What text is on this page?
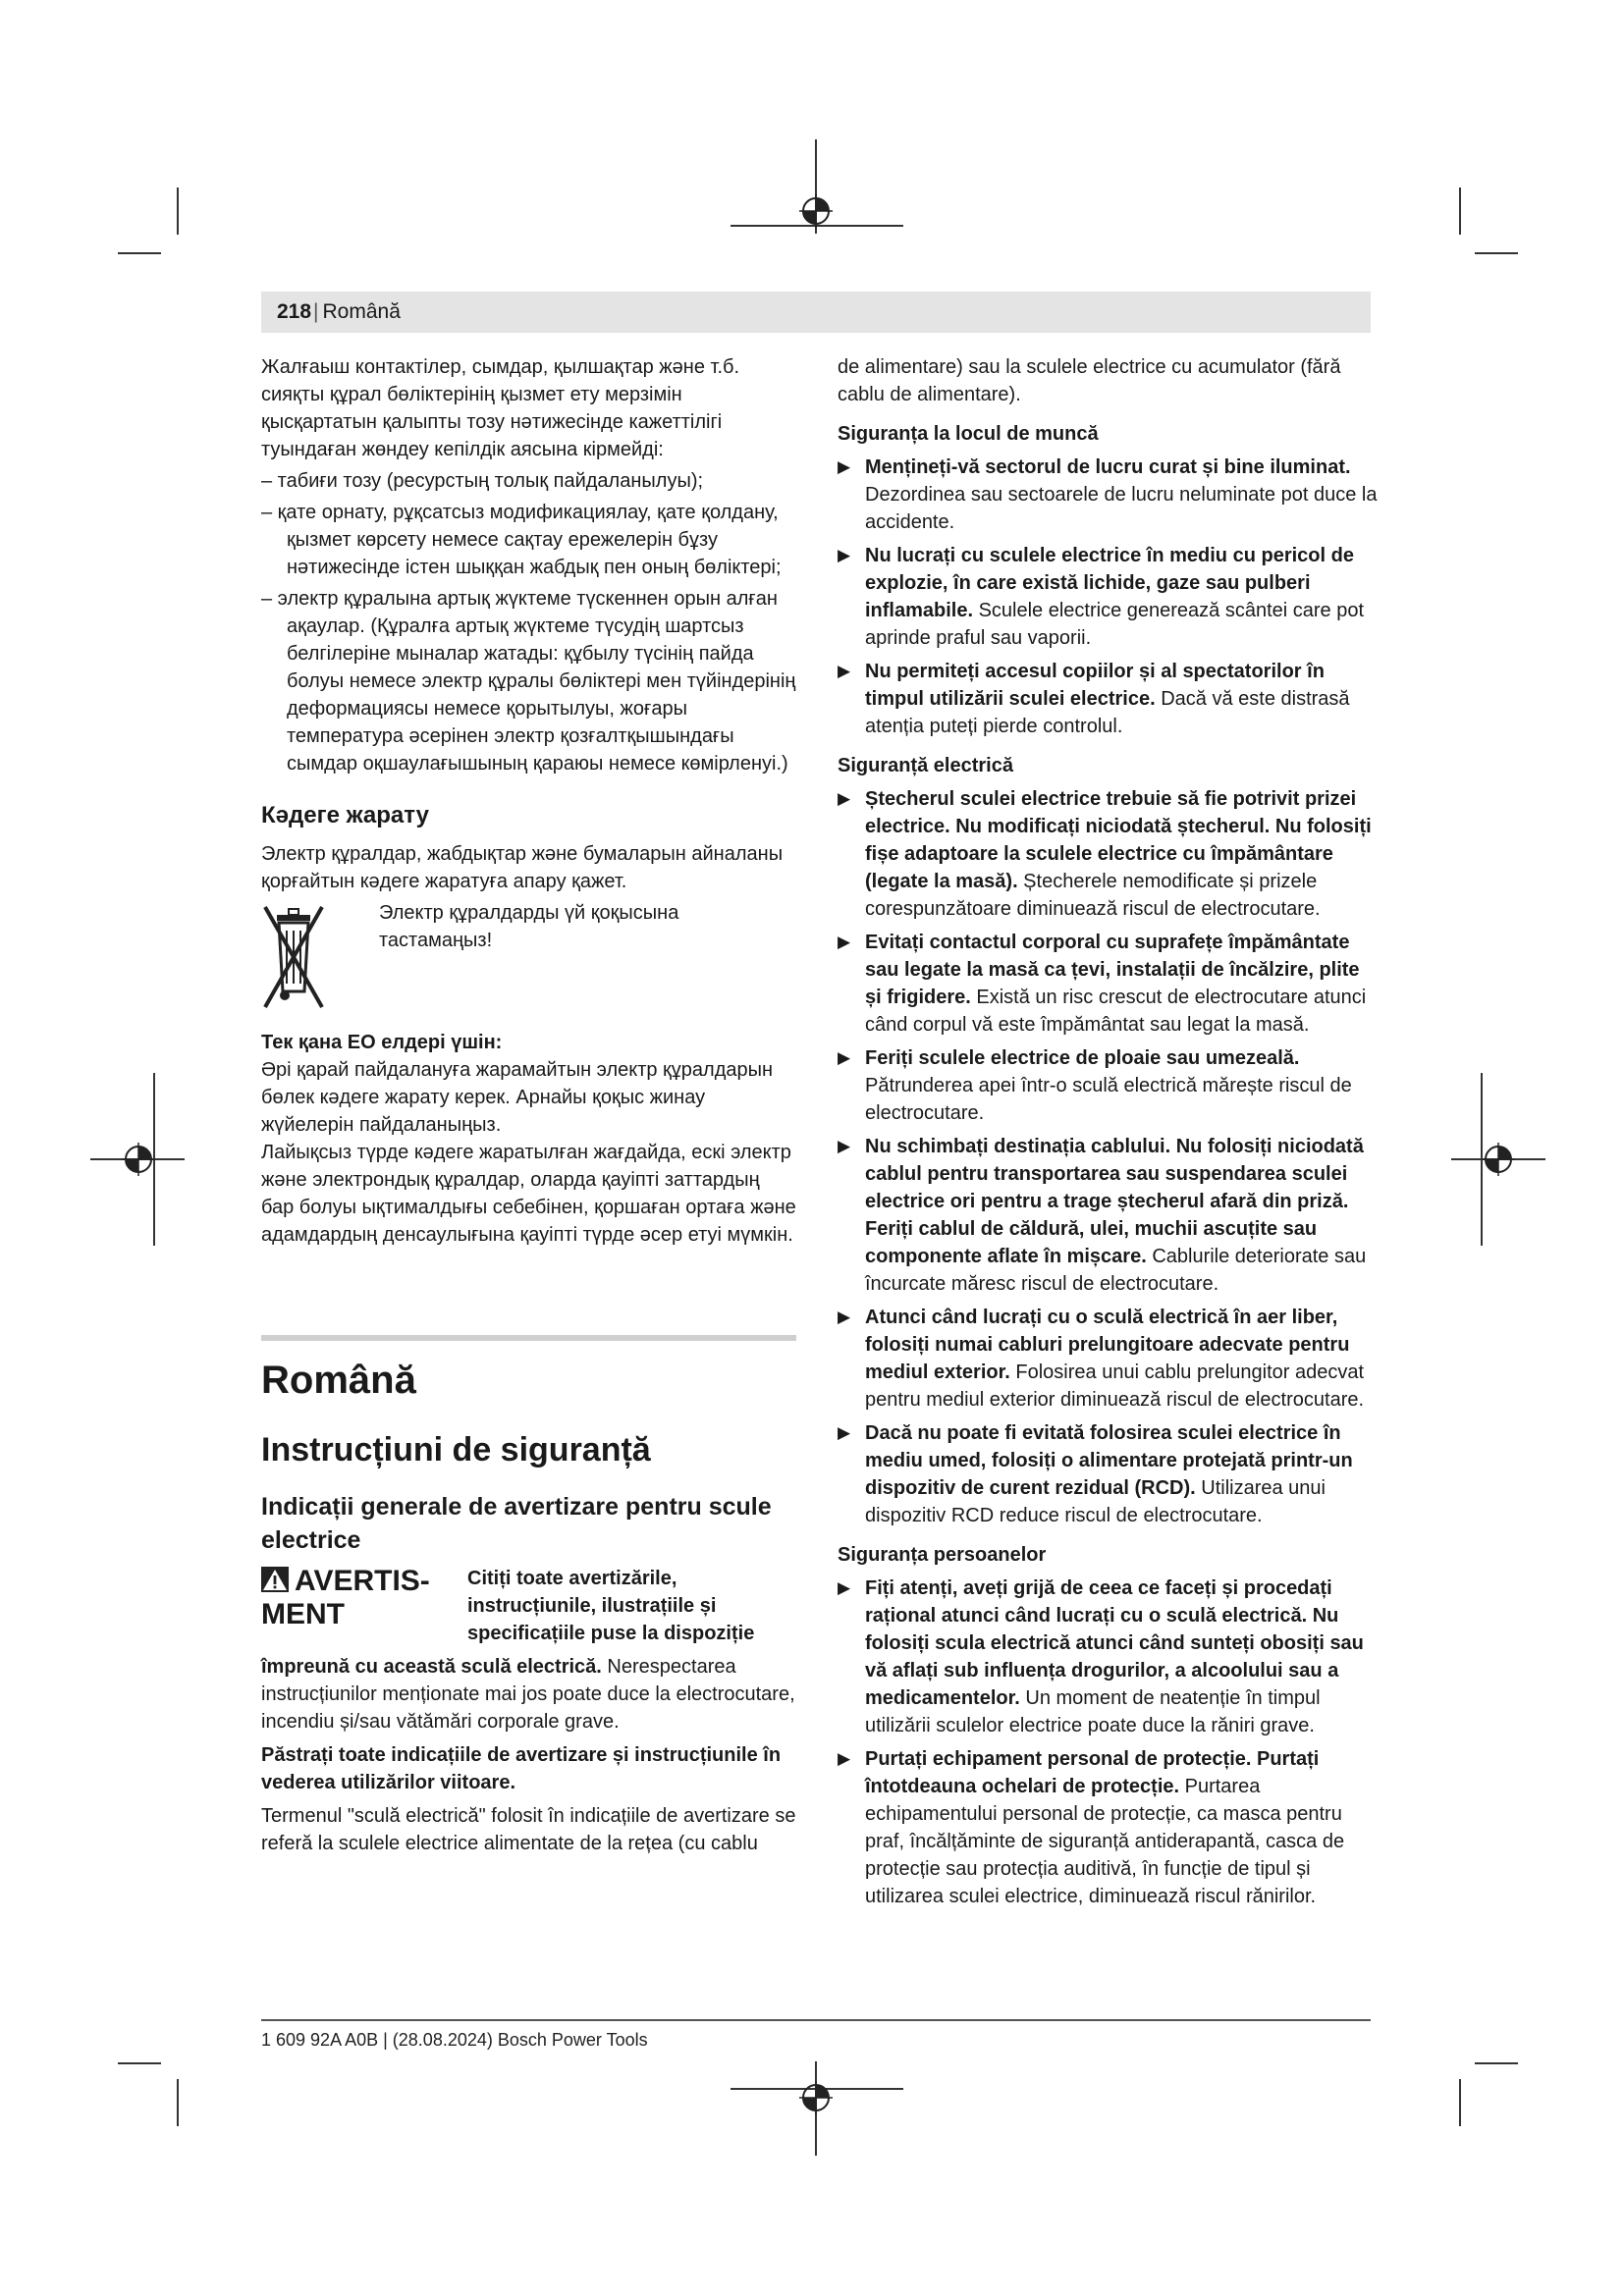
218| Română

Жалғаыш контактілер, сымдар, қылшақтар және т.б. сияқты құрал бөліктерінің қызмет ету мерзімін қысқартатын қалыпты тозу нәтижесінде кажеттілігі туындаған жөндеу кепілдік аясына кірмейді:

– табиғи тозу (ресурстың толық пайдаланылуы);

– қате орнату, рұқсатсыз модификациялау, қате қолдану, қызмет көрсету немесе сақтау ережелерін бұзу нәтижесінде істен шыққан жабдық пен оның бөліктері;

– электр құралына артық жүктеме түскеннен орын алған ақаулар. (Құралға артық жүктеме түсудің шартсыз белгілеріне мыналар жатады: құбылу түсінің пайда болуы немесе электр құралы бөліктері мен түйіндерінің деформациясы немесе қорытылуы, жоғары температура әсерінен электр қозғалтқышындағы сымдар оқшаулағышының қараюы немесе көмірленуі.)

Кәдеге жарату

Электр құралдар, жабдықтар және бумаларын айналаны қорғайтын кәдеге жаратуға апару қажет.

Электр құралдарды үй қоқысына тастамаңыз!

Тек қана ЕО елдері үшін:

Әрі қарай пайдалануға жарамайтын электр құралдарын бөлек кәдеге жарату керек. Арнайы қоқыс жинау жүйелерін пайдаланыңыз.

Лайықсыз түрде кәдеге жаратылған жағдайда, ескі электр және электрондық құралдар, оларда қауіпті заттардың бар болуы ықтималдығы себебінен, қоршаған ортаға және адамдардың денсаулығына қауіпті түрде әсер етуі мүмкін.

Română

Instrucțiuni de siguranță

Indicații generale de avertizare pentru scule electrice

AVERTISMENT

Citiți toate avertizările, instrucțiunile, ilustrațiile și specificațiile puse la dispoziție

împreună cu această sculă electrică. Nerespectarea instrucțiunilor menționate mai jos poate duce la electrocutare, incendiu și/sau vătămări corporale grave.

Păstrați toate indicațiile de avertizare și instrucțiunile în vederea utilizărilor viitoare.

Termenul "sculă electrică" folosit în indicațiile de avertizare se referă la sculele electrice alimentate de la rețea (cu cablu

de alimentare) sau la sculele electrice cu acumulator (fără cablu de alimentare).

Siguranța la locul de muncă

▶ Mențineți-vă sectorul de lucru curat și bine iluminat. Dezordinea sau sectoarele de lucru neluminate pot duce la accidente.

▶ Nu lucrați cu sculele electrice în mediu cu pericol de explozie, în care există lichide, gaze sau pulberi inflamabile. Sculele electrice generează scântei care pot aprinde praful sau vaporii.

▶ Nu permiteți accesul copiilor și al spectatorilor în timpul utilizării sculei electrice. Dacă vă este distrasă atenția puteți pierde controlul.

Siguranță electrică

▶ Ștecherul sculei electrice trebuie să fie potrivit prizei electrice. Nu modificați niciodată ștecherul. Nu folosiți fișe adaptoare la sculele electrice cu împământare (legate la masă). Ștecherele nemodificate și prizele corespunzătoare diminuează riscul de electrocutare.

▶ Evitați contactul corporal cu suprafețe împământate sau legate la masă ca țevi, instalații de încălzire, plite și frigidere. Există un risc crescut de electrocutare atunci când corpul vă este împământat sau legat la masă.

▶ Feriți sculele electrice de ploaie sau umezeală. Pătrunderea apei într-o sculă electrică mărește riscul de electrocutare.

▶ Nu schimbați destinația cablului. Nu folosiți niciodată cablul pentru transportarea sau suspendarea sculei electrice ori pentru a trage ștecherul afară din priză. Feriți cablul de căldură, ulei, muchii ascuțite sau componente aflate în mișcare. Cablurile deteriorate sau încurcate măresc riscul de electrocutare.

▶ Atunci când lucrați cu o sculă electrică în aer liber, folosiți numai cabluri prelungitoare adecvate pentru mediul exterior. Folosirea unui cablu prelungitor adecvat pentru mediul exterior diminuează riscul de electrocutare.

▶ Dacă nu poate fi evitată folosirea sculei electrice în mediu umed, folosiți o alimentare protejată printr-un dispozitiv de curent rezidual (RCD). Utilizarea unui dispozitiv RCD reduce riscul de electrocutare.

Siguranța persoanelor

▶ Fiți atenți, aveți grijă de ceea ce faceți și procedați rațional atunci când lucrați cu o sculă electrică. Nu folosiți scula electrică atunci când sunteți obosiți sau vă aflați sub influența drogurilor, a alcoolului sau a medicamentelor. Un moment de neatenție în timpul utilizării sculelor electrice poate duce la răniri grave.

▶ Purtați echipament personal de protecție. Purtați întotdeauna ochelari de protecție. Purtarea echipamentului personal de protecție, ca masca pentru praf, încălțăminte de siguranță antiderapantă, casca de protecție sau protecția auditivă, în funcție de tipul și utilizarea sculei electrice, diminuează riscul rănirilor.

1 609 92A A0B | (28.08.2024) Bosch Power Tools
